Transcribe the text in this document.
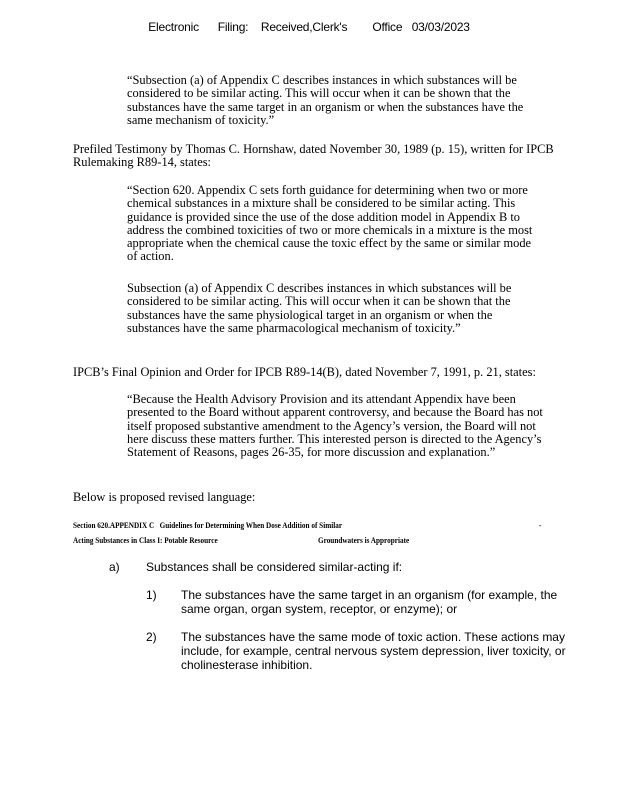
Electronic      Filing:    Received,Clerk's        Office   03/03/2023
“Subsection (a) of Appendix C describes instances in which substances will be considered to be similar acting. This will occur when it can be shown that the substances have the same target in an organism or when the substances have the same mechanism of toxicity.”
Prefiled Testimony by Thomas C. Hornshaw, dated November 30, 1989 (p. 15), written for IPCB Rulemaking R89-14, states:
“Section 620. Appendix C sets forth guidance for determining when two or more chemical substances in a mixture shall be considered to be similar acting. This guidance is provided since the use of the dose addition model in Appendix B to address the combined toxicities of two or more chemicals in a mixture is the most appropriate when the chemical cause the toxic effect by the same or similar mode of action.
Subsection (a) of Appendix C describes instances in which substances will be considered to be similar acting. This will occur when it can be shown that the substances have the same physiological target in an organism or when the substances have the same pharmacological mechanism of toxicity.”
IPCB’s Final Opinion and Order for IPCB R89-14(B), dated November 7, 1991, p. 21, states:
“Because the Health Advisory Provision and its attendant Appendix have been presented to the Board without apparent controversy, and because the Board has not itself proposed substantive amendment to the Agency’s version, the Board will not here discuss these matters further. This interested person is directed to the Agency’s Statement of Reasons, pages 26-35, for more discussion and explanation.”
Below is proposed revised language:
Section 620.APPENDIX C   Guidelines for Determining When Dose Addition of Similar	-
Acting Substances in Class I: Potable Resource	Groundwaters is Appropriate
a) Substances shall be considered similar-acting if:
1) The substances have the same target in an organism (for example, the same organ, organ system, receptor, or enzyme); or
2) The substances have the same mode of toxic action. These actions may include, for example, central nervous system depression, liver toxicity, or cholinesterase inhibition.
